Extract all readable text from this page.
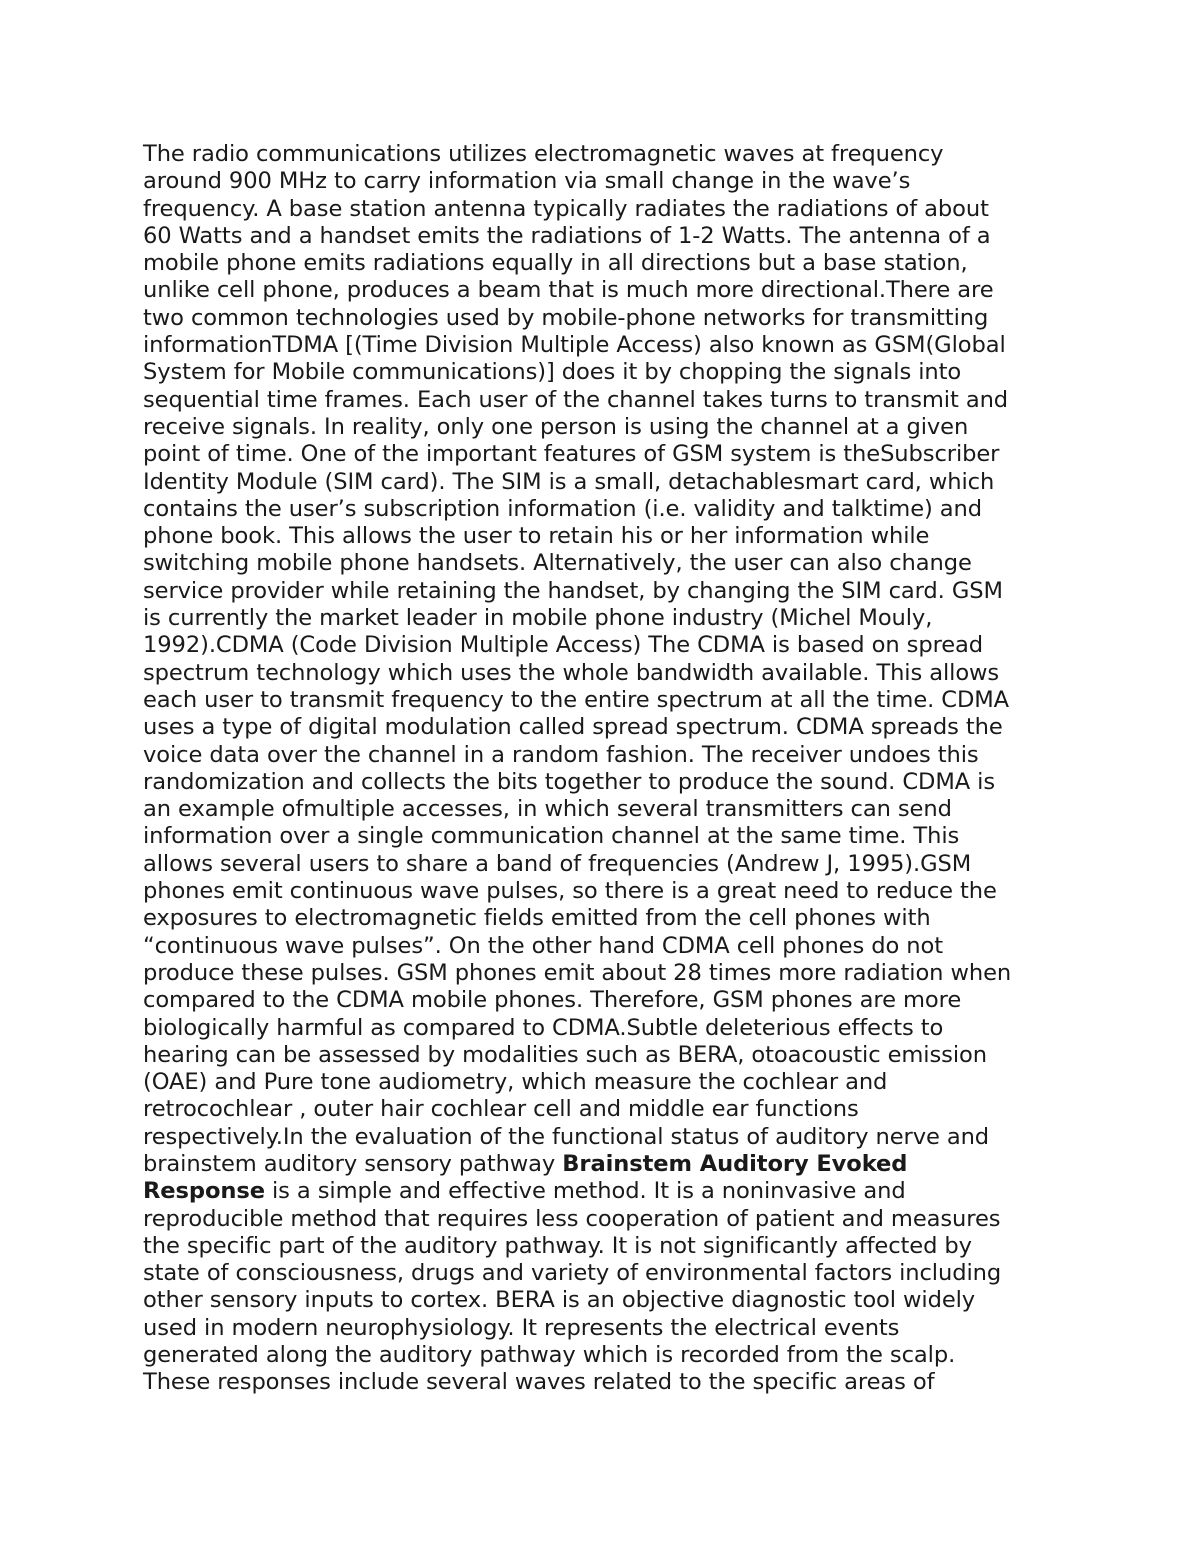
The radio communications utilizes electromagnetic waves at frequency
around 900 MHz to carry information via small change in the wave’s
frequency. A base station antenna typically radiates the radiations of about
60 Watts and a handset emits the radiations of 1-2 Watts. The antenna of a
mobile phone emits radiations equally in all directions but a base station,
unlike cell phone, produces a beam that is much more directional.There are
two common technologies used by mobile-phone networks for transmitting
informationTDMA [(Time Division Multiple Access) also known as GSM(Global
System for Mobile communications)] does it by chopping the signals into
sequential time frames. Each user of the channel takes turns to transmit and
receive signals. In reality, only one person is using the channel at a given
point of time. One of the important features of GSM system is theSubscriber
Identity Module (SIM card). The SIM is a small, detachablesmart card, which
contains the user’s subscription information (i.e. validity and talktime) and
phone book. This allows the user to retain his or her information while
switching mobile phone handsets. Alternatively, the user can also change
service provider while retaining the handset, by changing the SIM card. GSM
is currently the market leader in mobile phone industry (Michel Mouly,
1992).CDMA (Code Division Multiple Access) The CDMA is based on spread
spectrum technology which uses the whole bandwidth available. This allows
each user to transmit frequency to the entire spectrum at all the time. CDMA
uses a type of digital modulation called spread spectrum. CDMA spreads the
voice data over the channel in a random fashion. The receiver undoes this
randomization and collects the bits together to produce the sound. CDMA is
an example ofmultiple accesses, in which several transmitters can send
information over a single communication channel at the same time. This
allows several users to share a band of frequencies (Andrew J, 1995).GSM
phones emit continuous wave pulses, so there is a great need to reduce the
exposures to electromagnetic fields emitted from the cell phones with
“continuous wave pulses”. On the other hand CDMA cell phones do not
produce these pulses. GSM phones emit about 28 times more radiation when
compared to the CDMA mobile phones. Therefore, GSM phones are more
biologically harmful as compared to CDMA.Subtle deleterious effects to
hearing can be assessed by modalities such as BERA, otoacoustic emission
(OAE) and Pure tone audiometry, which measure the cochlear and
retrocochlear , outer hair cochlear cell and middle ear functions
respectively.In the evaluation of the functional status of auditory nerve and
brainstem auditory sensory pathway Brainstem Auditory Evoked
Response is a simple and effective method. It is a noninvasive and
reproducible method that requires less cooperation of patient and measures
the specific part of the auditory pathway. It is not significantly affected by
state of consciousness, drugs and variety of environmental factors including
other sensory inputs to cortex. BERA is an objective diagnostic tool widely
used in modern neurophysiology. It represents the electrical events
generated along the auditory pathway which is recorded from the scalp.
These responses include several waves related to the specific areas of
